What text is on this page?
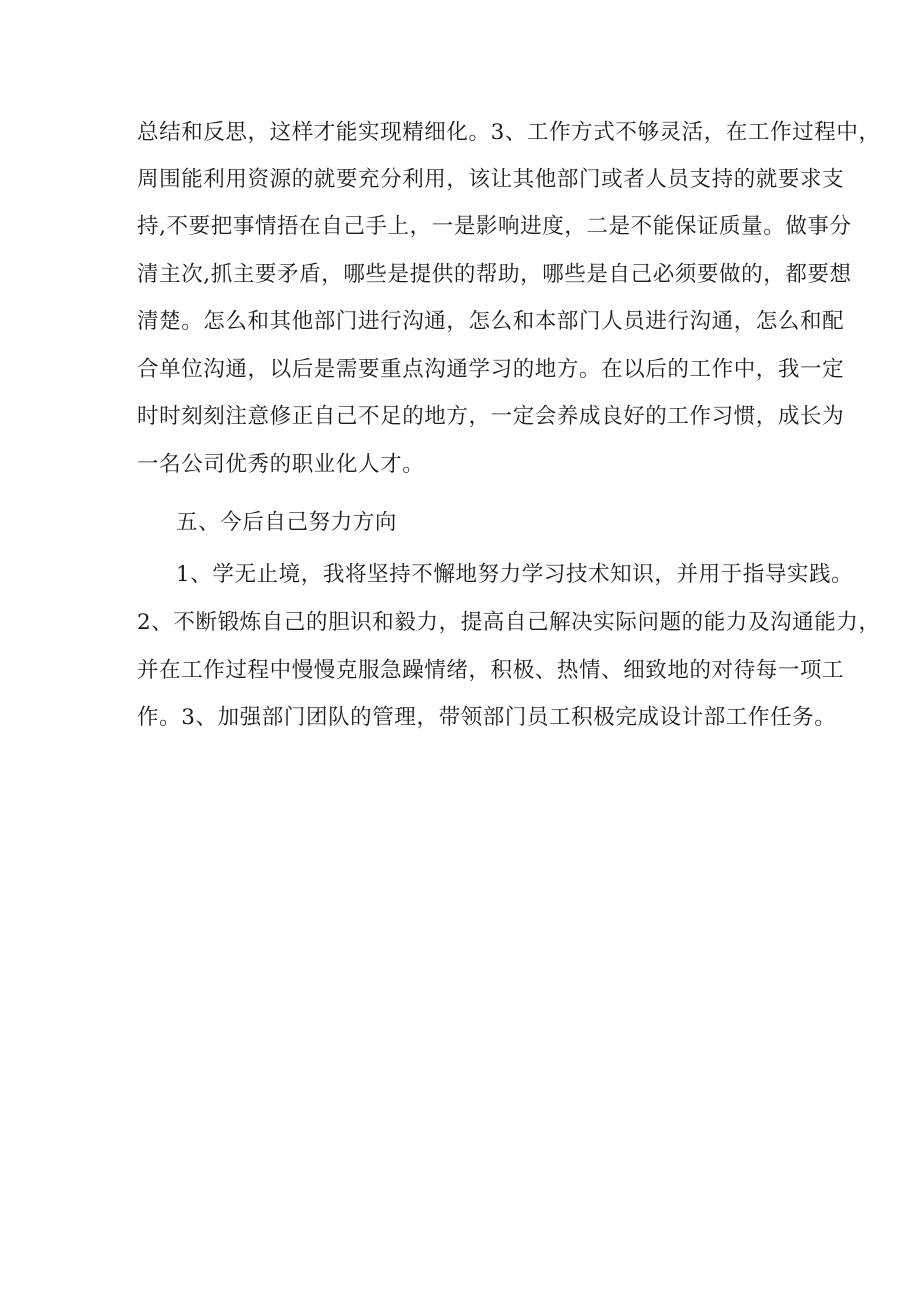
总结和反思，这样才能实现精细化。3、工作方式不够灵活，在工作过程中，
周围能利用资源的就要充分利用，该让其他部门或者人员支持的就要求支
持,不要把事情捂在自己手上，一是影响进度，二是不能保证质量。做事分
清主次,抓主要矛盾，哪些是提供的帮助，哪些是自己必须要做的，都要想
清楚。怎么和其他部门进行沟通，怎么和本部门人员进行沟通，怎么和配
合单位沟通，以后是需要重点沟通学习的地方。在以后的工作中，我一定
时时刻刻注意修正自己不足的地方，一定会养成良好的工作习惯，成长为
一名公司优秀的职业化人才。
五、今后自己努力方向
1、学无止境，我将坚持不懈地努力学习技术知识，并用于指导实践。
2、不断锻炼自己的胆识和毅力，提高自己解决实际问题的能力及沟通能力，
并在工作过程中慢慢克服急躁情绪，积极、热情、细致地的对待每一项工
作。3、加强部门团队的管理，带领部门员工积极完成设计部工作任务。
